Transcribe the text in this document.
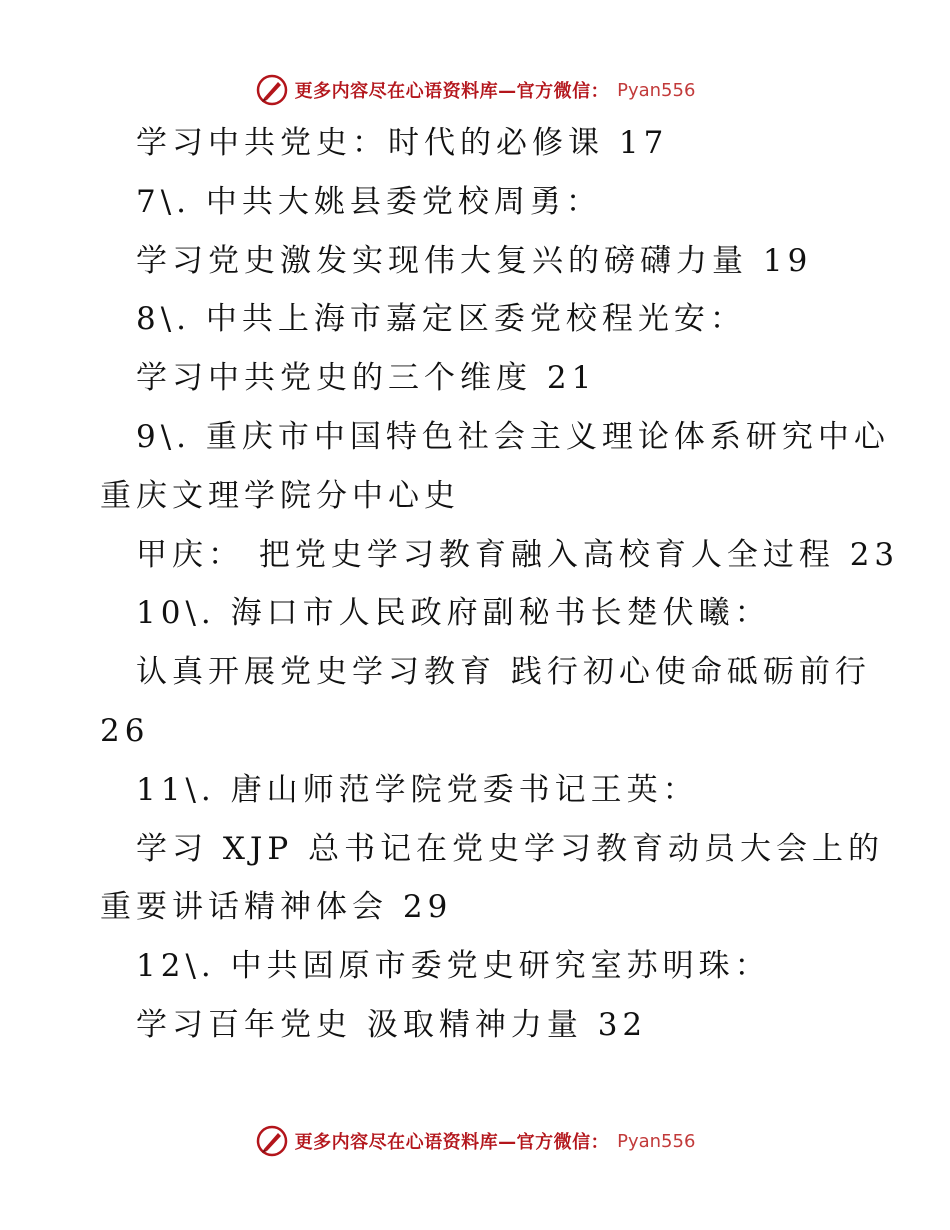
更多内容尽在心语资料库—官方微信： Pyan556
学习中共党史：时代的必修课 17
7\. 中共大姚县委党校周勇：
学习党史激发实现伟大复兴的磅礴力量 19
8\. 中共上海市嘉定区委党校程光安：
学习中共党史的三个维度 21
9\. 重庆市中国特色社会主义理论体系研究中心
重庆文理学院分中心史
甲庆： 把党史学习教育融入高校育人全过程 23
10\. 海口市人民政府副秘书长楚伏曦：
认真开展党史学习教育 践行初心使命砥砺前行
26
11\. 唐山师范学院党委书记王英：
学习 XJP 总书记在党史学习教育动员大会上的
重要讲话精神体会 29
12\. 中共固原市委党史研究室苏明珠：
学习百年党史 汲取精神力量 32
更多内容尽在心语资料库—官方微信： Pyan556
